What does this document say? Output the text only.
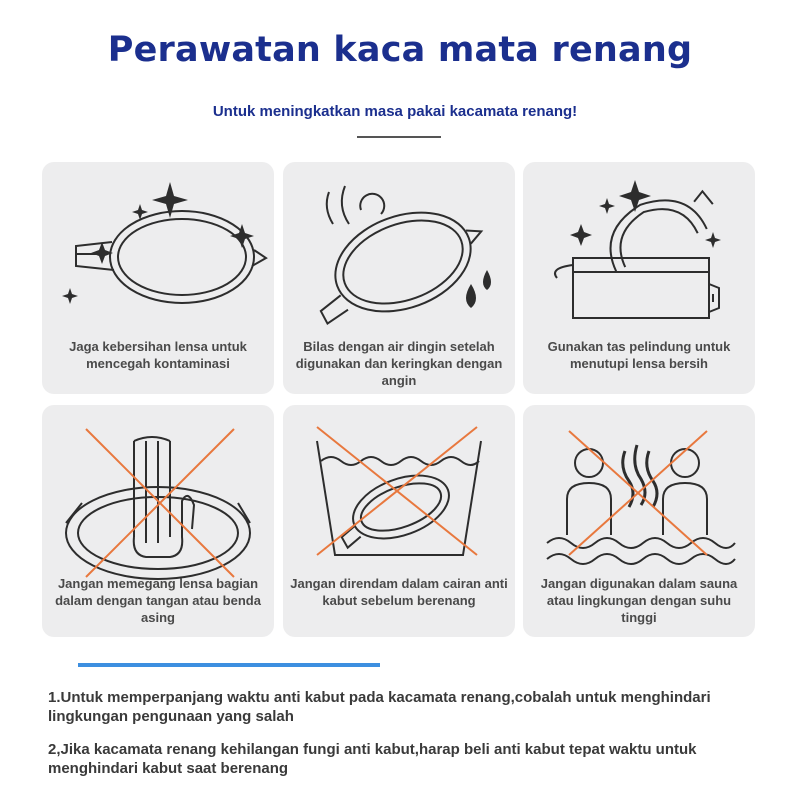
Perawatan kaca mata renang
Untuk meningkatkan masa pakai kacamata renang!
Jaga kebersihan lensa untuk mencegah kontaminasi
Bilas dengan air dingin setelah digunakan dan keringkan dengan angin
Gunakan tas pelindung untuk menutupi lensa bersih
Jangan memegang lensa bagian dalam dengan tangan atau benda asing
Jangan direndam dalam cairan anti kabut sebelum berenang
Jangan digunakan dalam sauna atau lingkungan dengan suhu tinggi
1.Untuk memperpanjang waktu anti kabut pada kacamata renang,cobalah untuk menghindari lingkungan pengunaan yang salah
2,Jika kacamata renang kehilangan fungi anti kabut,harap beli anti kabut tepat waktu untuk menghindari kabut saat berenang
